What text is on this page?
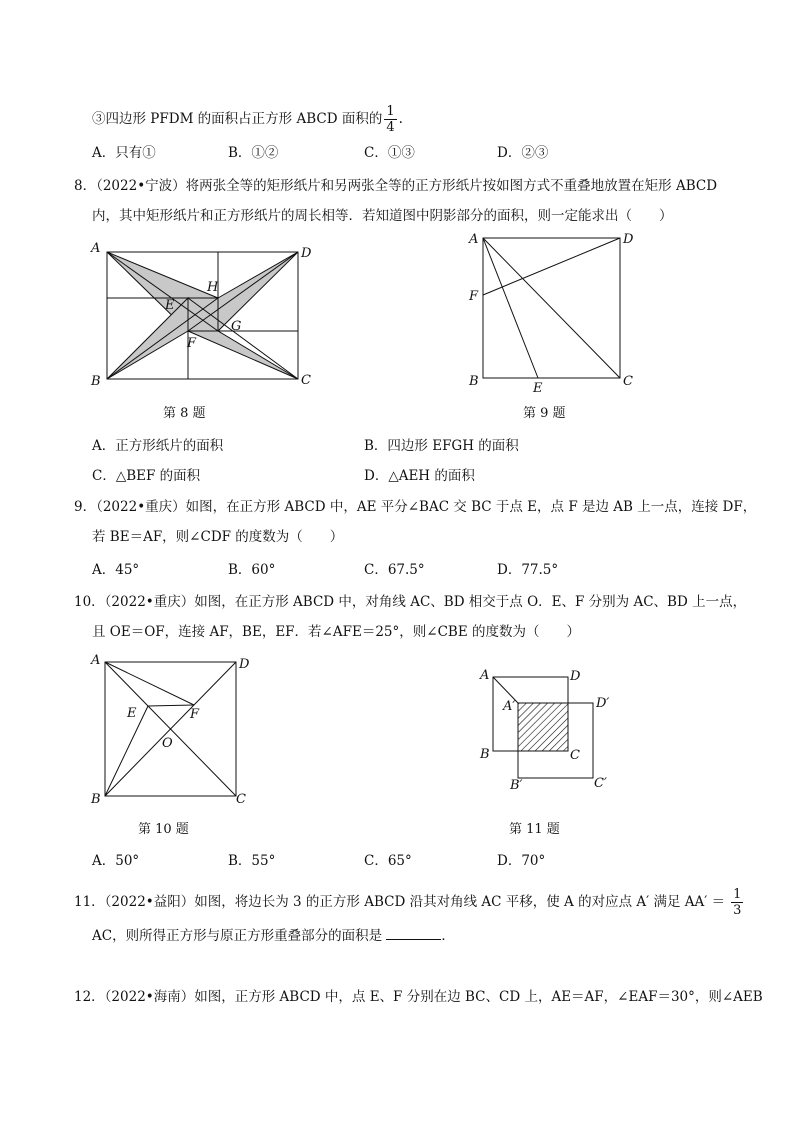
③四边形 PFDM 的面积占正方形 ABCD 面积的 $\frac{1}{4}$ .
A．只有①	B．①②	C．①③	D．②③
8．（2022•宁波）将两张全等的矩形纸片和另两张全等的正方形纸片按如图方式不重叠地放置在矩形 ABCD
内，其中矩形纸片和正方形纸片的周长相等．若知道图中阴影部分的面积，则一定能求出（　　）
A	D
B	C
E
H
G
F
第 8 题
A	D
F
B	E	C
第 9 题
A．正方形纸片的面积	B．四边形 EFGH 的面积
C．△BEF 的面积	D．△AEH 的面积
9．（2022•重庆）如图，在正方形 ABCD 中，AE 平分∠BAC 交 BC 于点 E，点 F 是边 AB 上一点，连接 DF，
若 BE＝AF，则∠CDF 的度数为（　　）
A．45°	B．60°	C．67.5°	D．77.5°
10．（2022•重庆）如图，在正方形 ABCD 中，对角线 AC、BD 相交于点 O．E、F 分别为 AC、BD 上一点，
且 OE＝OF，连接 AF，BE，EF．若∠AFE＝25°，则∠CBE 的度数为（　　）
A	D
E	F
O
B	C
第 10 题
A	D
A′	D′
B	C
B′	C′
第 11 题
A．50°	B．55°	C．65°	D．70°
11．（2022•益阳）如图，将边长为 3 的正方形 ABCD 沿其对角线 AC 平移，使 A 的对应点 A′ 满足 $AA' = \frac{1}{3}$
AC，则所得正方形与原正方形重叠部分的面积是	．
12．（2022•海南）如图，正方形 ABCD 中，点 E、F 分别在边 BC、CD 上，AE＝AF，∠EAF＝30°，则∠AEB
